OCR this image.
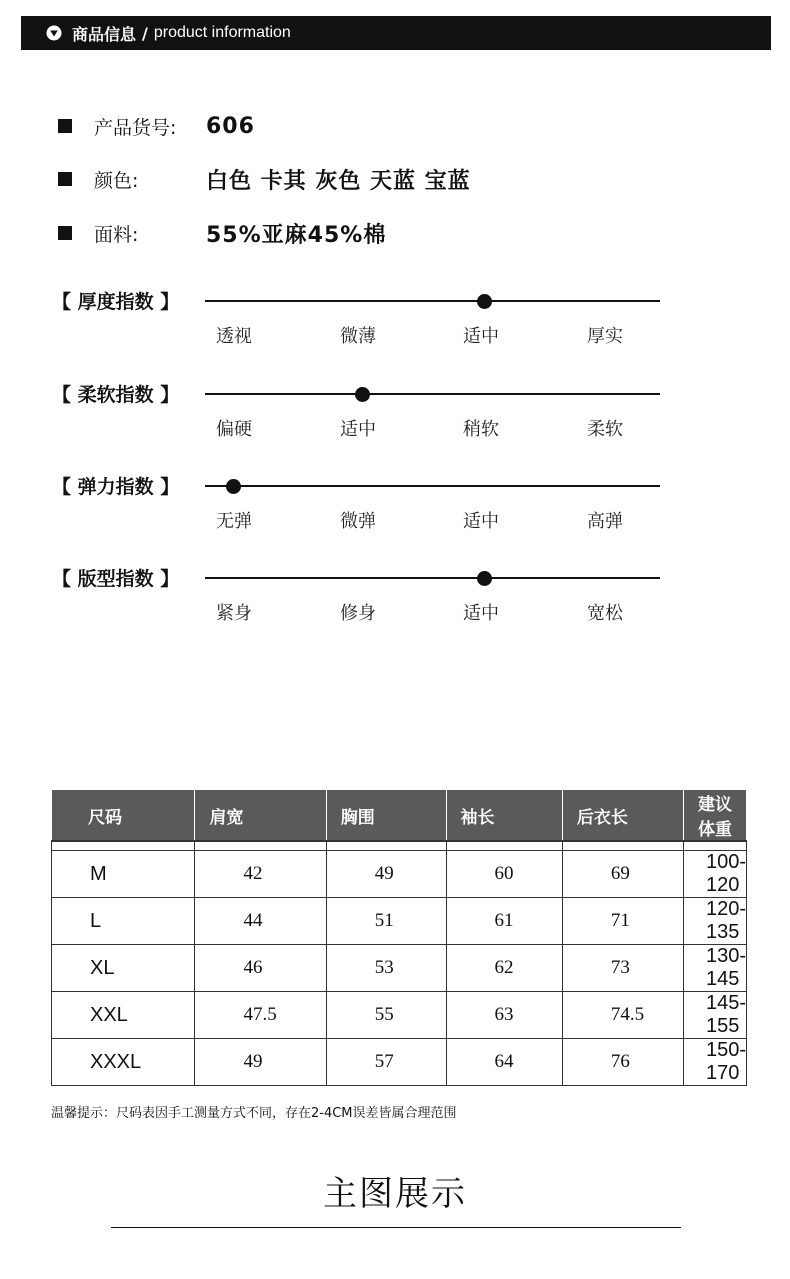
商品信息 / product information
产品货号:	606
颜色:	白色 卡其 灰色 天蓝 宝蓝
面料:	55%亚麻45%棉
【 厚度指数 】
透视	微薄	适中	厚实
【 柔软指数 】
偏硬	适中	稍软	柔软
【 弹力指数 】
无弹	微弹	适中	高弹
【 版型指数 】
紧身	修身	适中	宽松
尺码	肩宽	胸围	袖长	后衣长	建议体重

M	42	49	60	69	100-120
L	44	51	61	71	120-135
XL	46	53	62	73	130-145
XXL	47.5	55	63	74.5	145-155
XXXL	49	57	64	76	150-170
温馨提示：尺码表因手工测量方式不同，存在2-4CM误差皆属合理范围
主图展示
